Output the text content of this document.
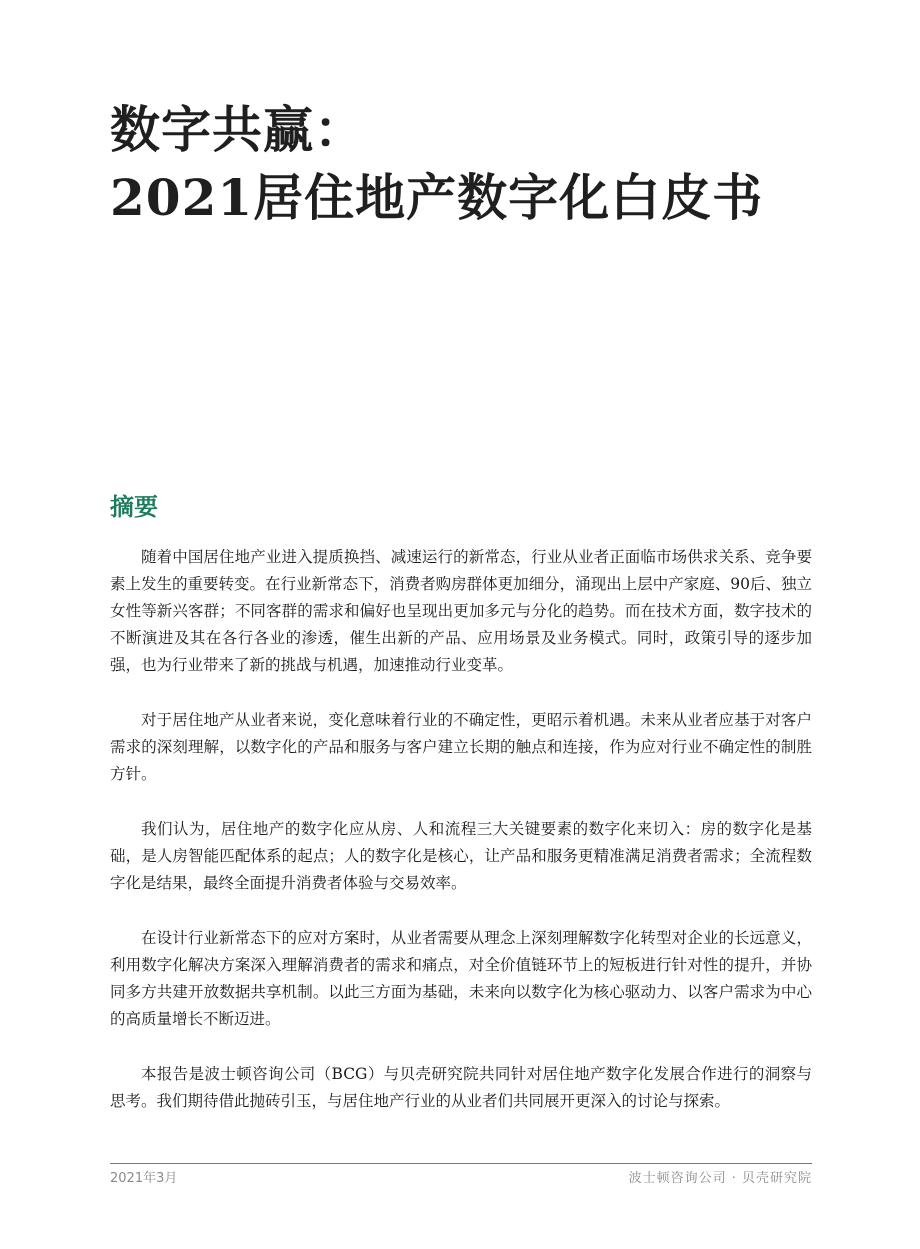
数字共赢：
2021居住地产数字化白皮书
摘要

随着中国居住地产业进入提质换挡、减速运行的新常态，行业从业者正面临市场供求关系、竞争要素上发生的重要转变。在行业新常态下，消费者购房群体更加细分，涌现出上层中产家庭、90后、独立女性等新兴客群；不同客群的需求和偏好也呈现出更加多元与分化的趋势。而在技术方面，数字技术的不断演进及其在各行各业的渗透，催生出新的产品、应用场景及业务模式。同时，政策引导的逐步加强，也为行业带来了新的挑战与机遇，加速推动行业变革。

对于居住地产从业者来说，变化意味着行业的不确定性，更昭示着机遇。未来从业者应基于对客户需求的深刻理解，以数字化的产品和服务与客户建立长期的触点和连接，作为应对行业不确定性的制胜方针。

我们认为，居住地产的数字化应从房、人和流程三大关键要素的数字化来切入：房的数字化是基础，是人房智能匹配体系的起点；人的数字化是核心，让产品和服务更精准满足消费者需求；全流程数字化是结果，最终全面提升消费者体验与交易效率。

在设计行业新常态下的应对方案时，从业者需要从理念上深刻理解数字化转型对企业的长远意义，利用数字化解决方案深入理解消费者的需求和痛点，对全价值链环节上的短板进行针对性的提升，并协同多方共建开放数据共享机制。以此三方面为基础，未来向以数字化为核心驱动力、以客户需求为中心的高质量增长不断迈进。

本报告是波士顿咨询公司（BCG）与贝壳研究院共同针对居住地产数字化发展合作进行的洞察与思考。我们期待借此抛砖引玉，与居住地产行业的从业者们共同展开更深入的讨论与探索。

2021年3月	波士顿咨询公司 · 贝壳研究院
